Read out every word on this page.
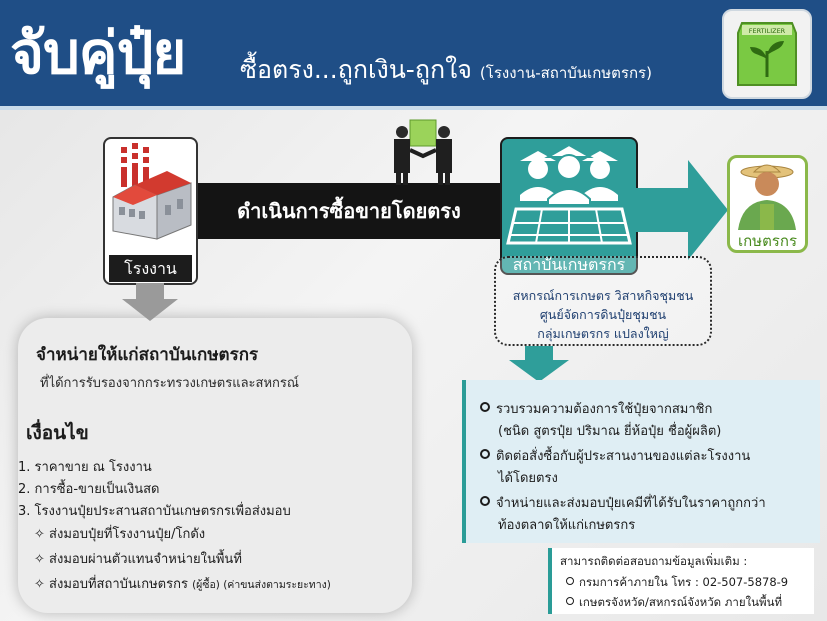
จับคู่ปุ๋ย ซื้อตรง...ถูกเงิน-ถูกใจ (โรงงาน-สถาบันเกษตรกร)
FERTILIZER
โรงงาน
ดำเนินการซื้อขายโดยตรง
สถาบันเกษตรกร
เกษตรกร
สหกรณ์การเกษตร วิสาหกิจชุมชน
ศูนย์จัดการดินปุ๋ยชุมชน
กลุ่มเกษตรกร แปลงใหญ่
จำหน่ายให้แก่สถาบันเกษตรกร
ที่ได้การรับรองจากกระทรวงเกษตรและสหกรณ์
เงื่อนไข
1. ราคาขาย ณ โรงงาน
2. การซื้อ-ขายเป็นเงินสด
3. โรงงานปุ๋ยประสานสถาบันเกษตรกรเพื่อส่งมอบ
✧ ส่งมอบปุ๋ยที่โรงงานปุ๋ย/โกดัง
✧ ส่งมอบผ่านตัวแทนจำหน่ายในพื้นที่
✧ ส่งมอบที่สถาบันเกษตรกร (ผู้ซื้อ) (ค่าขนส่งตามระยะทาง)
รวบรวมความต้องการใช้ปุ๋ยจากสมาชิก
(ชนิด สูตรปุ๋ย ปริมาณ ยี่ห้อปุ๋ย ชื่อผู้ผลิต)
ติดต่อสั่งซื้อกับผู้ประสานงานของแต่ละโรงงาน
ได้โดยตรง
จำหน่ายและส่งมอบปุ๋ยเคมีที่ได้รับในราคาถูกกว่า
ท้องตลาดให้แก่เกษตรกร
สามารถติดต่อสอบถามข้อมูลเพิ่มเติม :
กรมการค้าภายใน โทร : 02-507-5878-9
เกษตรจังหวัด/สหกรณ์จังหวัด ภายในพื้นที่
